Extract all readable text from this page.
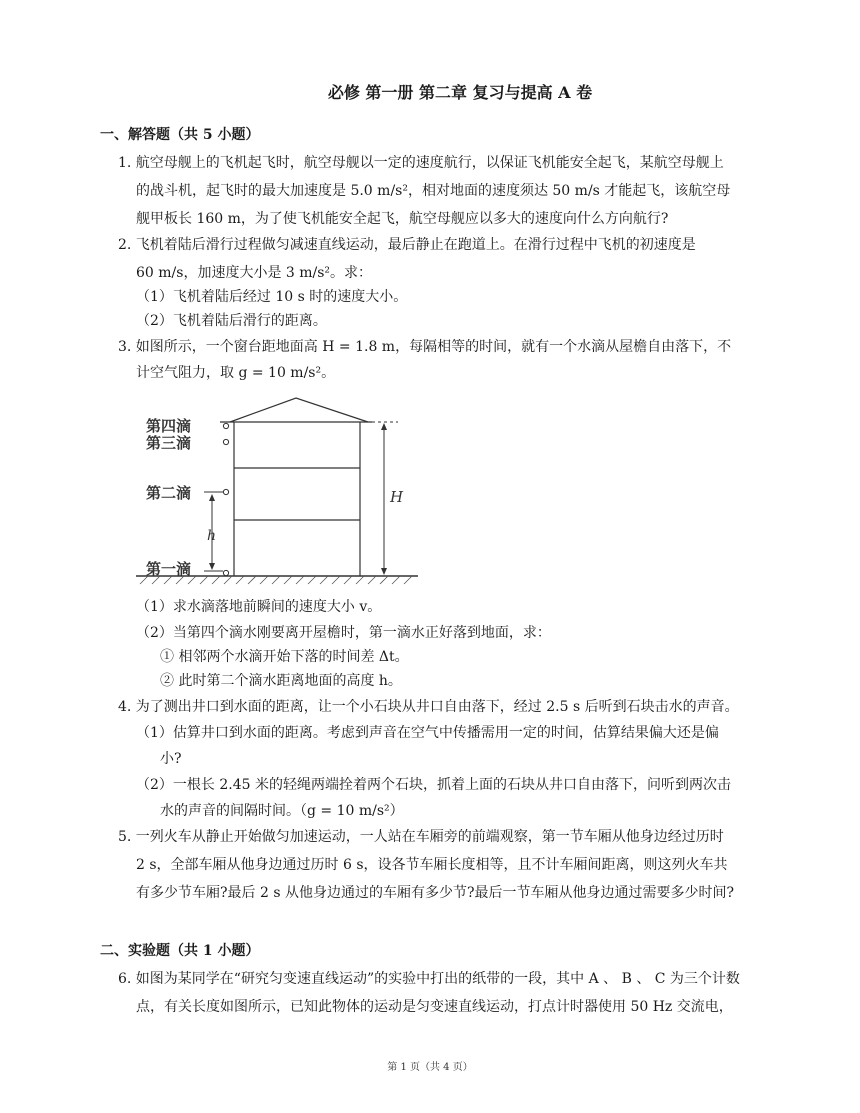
必修 第一册 第二章 复习与提高 A 卷
一、解答题（共 5 小题）
1. 航空母舰上的飞机起飞时，航空母舰以一定的速度航行，以保证飞机能安全起飞，某航空母舰上
的战斗机，起飞时的最大加速度是 5.0 m/s²，相对地面的速度须达 50 m/s 才能起飞，该航空母
舰甲板长 160 m，为了使飞机能安全起飞，航空母舰应以多大的速度向什么方向航行?
2. 飞机着陆后滑行过程做匀减速直线运动，最后静止在跑道上。在滑行过程中飞机的初速度是
60 m/s，加速度大小是 3 m/s²。求：
（1）飞机着陆后经过 10 s 时的速度大小。
（2）飞机着陆后滑行的距离。
3. 如图所示，一个窗台距地面高 H = 1.8 m，每隔相等的时间，就有一个水滴从屋檐自由落下，不
计空气阻力，取 g = 10 m/s²。
第四滴
第三滴
第二滴
第一滴
H
h
（1）求水滴落地前瞬间的速度大小 v。
（2）当第四个滴水刚要离开屋檐时，第一滴水正好落到地面，求：
① 相邻两个水滴开始下落的时间差 Δt。
② 此时第二个滴水距离地面的高度 h。
4. 为了测出井口到水面的距离，让一个小石块从井口自由落下，经过 2.5 s 后听到石块击水的声音。
（1）估算井口到水面的距离。考虑到声音在空气中传播需用一定的时间，估算结果偏大还是偏
小?
（2）一根长 2.45 米的轻绳两端拴着两个石块，抓着上面的石块从井口自由落下，问听到两次击
水的声音的间隔时间。（g = 10 m/s²）
5. 一列火车从静止开始做匀加速运动，一人站在车厢旁的前端观察，第一节车厢从他身边经过历时
2 s，全部车厢从他身边通过历时 6 s，设各节车厢长度相等，且不计车厢间距离，则这列火车共
有多少节车厢?最后 2 s 从他身边通过的车厢有多少节?最后一节车厢从他身边通过需要多少时间?
二、实验题（共 1 小题）
6. 如图为某同学在“研究匀变速直线运动”的实验中打出的纸带的一段，其中 A 、 B 、 C 为三个计数
点，有关长度如图所示，已知此物体的运动是匀变速直线运动，打点计时器使用 50 Hz 交流电，
第 1 页（共 4 页）
